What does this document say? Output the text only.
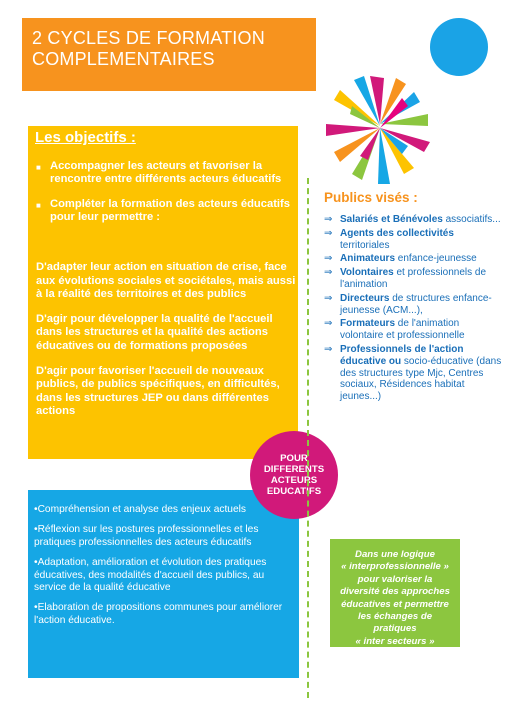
2 CYCLES DE FORMATION
COMPLEMENTAIRES
Les objectifs :
■ Accompagner les acteurs et favoriser la rencontre entre différents acteurs éducatifs
■ Compléter la formation des acteurs éducatifs pour leur permettre :

D'adapter leur action en situation de crise, face aux évolutions sociales et sociétales, mais aussi à la réalité des territoires et des publics

D'agir pour développer la qualité de l'accueil dans les structures et la qualité des actions éducatives ou de formations proposées

D'agir pour favoriser l'accueil de nouveaux publics, de publics spécifiques, en difficultés, dans les structures JEP ou dans différentes actions

•Compréhension et analyse des enjeux actuels
•Réflexion sur les postures professionnelles et les pratiques professionnelles des acteurs éducatifs
•Adaptation, amélioration et évolution des pratiques éducatives, des modalités d'accueil des publics, au service de la qualité éducative
•Elaboration de propositions communes pour améliorer l'action éducative.
POUR
DIFFERENTS
ACTEURS
EDUCATIFS
Publics visés :
⇒ Salariés et Bénévoles associatifs...
⇒ Agents des collectivités territoriales
⇒ Animateurs enfance-jeunesse
⇒ Volontaires et professionnels de l'animation
⇒ Directeurs de structures enfance-jeunesse (ACM...),
⇒ Formateurs de l'animation volontaire et professionnelle
⇒ Professionnels de l'action éducative ou socio-éducative (dans des structures type Mjc, Centres sociaux, Résidences habitat jeunes...)
Dans une logique
« interprofessionnelle »
pour valoriser la
diversité des approches
éducatives et permettre
les échanges de
pratiques
« inter secteurs »
